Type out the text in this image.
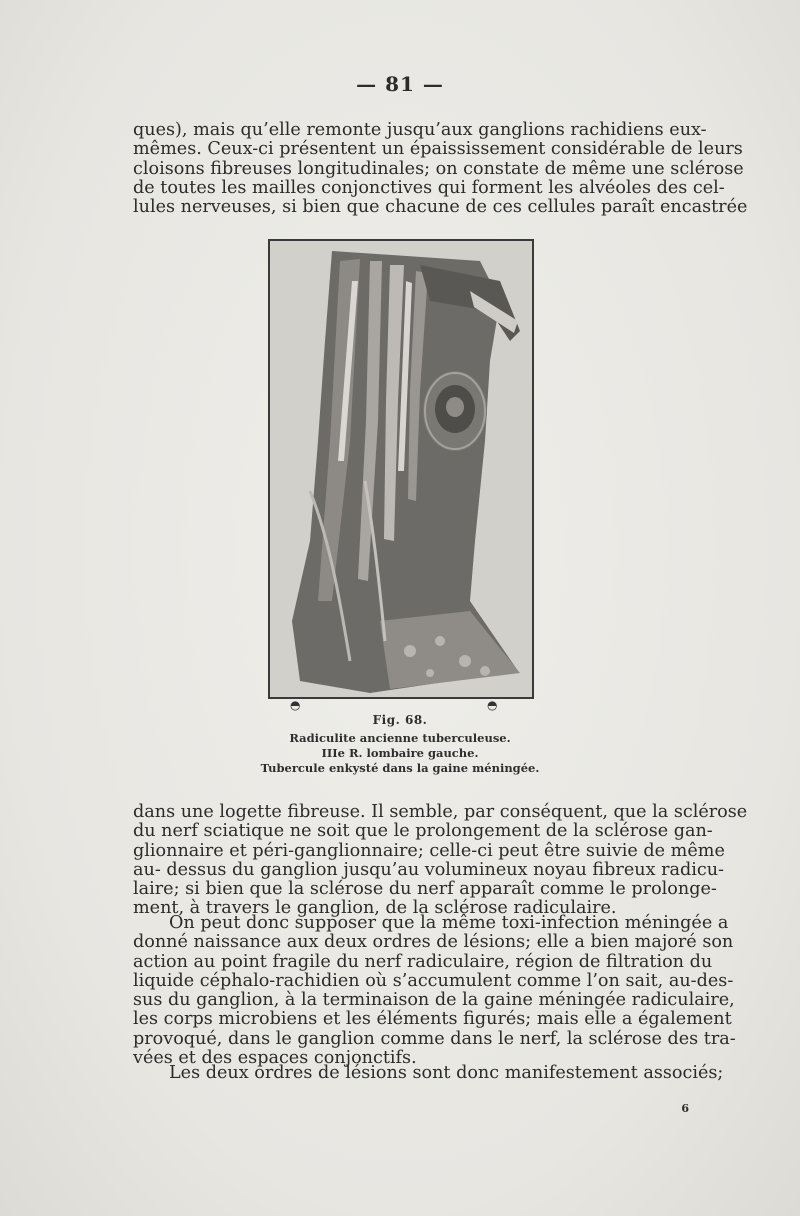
— 81 —
ques), mais qu’elle remonte jusqu’aux ganglions rachidiens eux-
mêmes. Ceux-ci présentent un épaississement considérable de leurs
cloisons fibreuses longitudinales; on constate de même une sclérose
de toutes les mailles conjonctives qui forment les alvéoles des cel-
lules nerveuses, si bien que chacune de ces cellules paraît encastrée
◓	◓
Fig. 68.
Radiculite ancienne tuberculeuse.
IIIe R. lombaire gauche.
Tubercule enkysté dans la gaine méningée.
dans une logette fibreuse. Il semble, par conséquent, que la sclérose
du nerf sciatique ne soit que le prolongement de la sclérose gan-
glionnaire et péri-ganglionnaire; celle-ci peut être suivie de même
au- dessus du ganglion jusqu’au volumineux noyau fibreux radicu-
laire; si bien que la sclérose du nerf apparaît comme le prolonge-
ment, à travers le ganglion, de la sclérose radiculaire.
On peut donc supposer que la même toxi-infection méningée a
donné naissance aux deux ordres de lésions; elle a bien majoré son
action au point fragile du nerf radiculaire, région de filtration du
liquide céphalo-rachidien où s’accumulent comme l’on sait, au-des-
sus du ganglion, à la terminaison de la gaine méningée radiculaire,
les corps microbiens et les éléments figurés; mais elle a également
provoqué, dans le ganglion comme dans le nerf, la sclérose des tra-
vées et des espaces conjonctifs.
Les deux ordres de lésions sont donc manifestement associés;
6
